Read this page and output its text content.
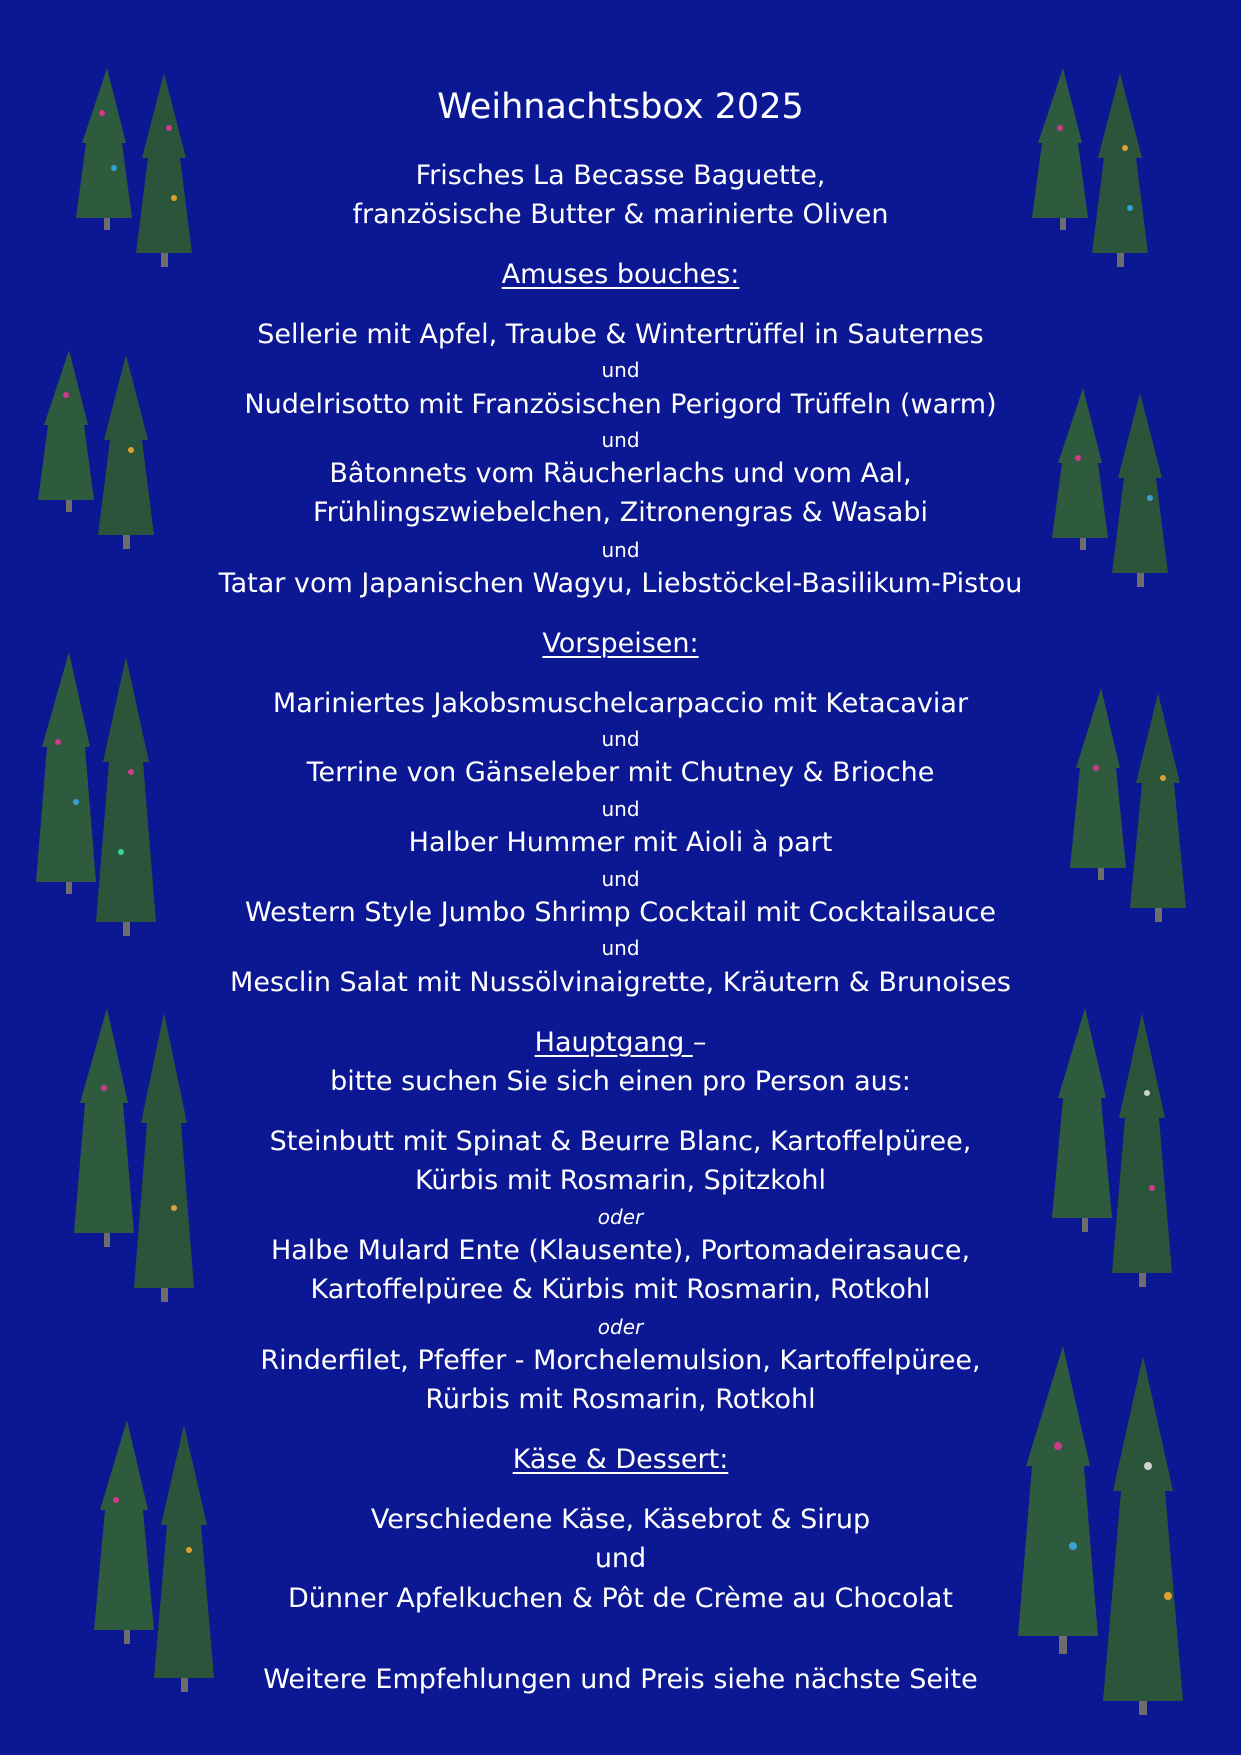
Weihnachtsbox 2025
Frisches La Becasse Baguette,
französische Butter & marinierte Oliven
Amuses bouches:
Sellerie mit Apfel, Traube & Wintertrüffel in Sauternes
und
Nudelrisotto mit Französischen Perigord Trüffeln (warm)
und
Bâtonnets vom Räucherlachs und vom Aal,
Frühlingszwiebelchen, Zitronengras & Wasabi
und
Tatar vom Japanischen Wagyu, Liebstöckel-Basilikum-Pistou
Vorspeisen:
Mariniertes Jakobsmuschelcarpaccio mit Ketacaviar
und
Terrine von Gänseleber mit Chutney & Brioche
und
Halber Hummer mit Aioli à part
und
Western Style Jumbo Shrimp Cocktail mit Cocktailsauce
und
Mesclin Salat mit Nussölvinaigrette, Kräutern & Brunoises
Hauptgang –
bitte suchen Sie sich einen pro Person aus:
Steinbutt mit Spinat & Beurre Blanc, Kartoffelpüree,
Kürbis mit Rosmarin, Spitzkohl
oder
Halbe Mulard Ente (Klausente), Portomadeirasauce,
Kartoffelpüree & Kürbis mit Rosmarin, Rotkohl
oder
Rinderfilet, Pfeffer - Morchelemulsion, Kartoffelpüree,
Rürbis mit Rosmarin, Rotkohl
Käse & Dessert:
Verschiedene Käse, Käsebrot & Sirup
und
Dünner Apfelkuchen & Pôt de Crème au Chocolat
Weitere Empfehlungen und Preis siehe nächste Seite
